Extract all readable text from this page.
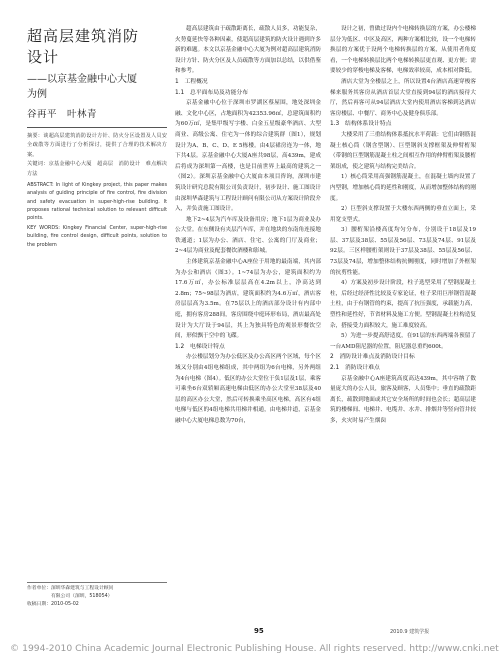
超高层建筑消防
设计
——以京基金融中心大厦
为例
谷再平　叶林青
摘要：谈超高层建筑消防设计方针、防火分区设置及人员安全疏散等方面进行了分析探讨，提供了合理的技术解决方案。
关键词：京基金融中心大厦　超高层　消防设计　难点解决方法
ABSTRACT: In light of Kingkey project, this paper makes analysis of guiding principle of fire control, fire division and safety evacuation in super-high-rise building. It proposes rational technical solution to relevant difficult points.
KEY WORDS: Kingkey Financial Center, super-high-rise building, fire control design, difficult points, solution to the problem
作者单位：深圳华森建筑与工程设计顾问
　　　　　有限公司（深圳，518054）
收稿日期：2010-05-02

超高层建筑由于疏散距离长，疏散人员多，功能复杂，火势蔓延快等各种因素，使超高层建筑的防火设计遇到许多新的难题。本文以京基金融中心大厦为例对超高层建筑消防设计方针、防火分区及人员疏散等方面加以总结，以供借鉴和参考。

1　工程概况

1.1　总平面布局及功能分布

京基金融中心位于深圳市罗湖区蔡屋围，地处深圳金融、文化中心区，占地面积为42353.96㎡，总建筑面积约为60万㎡，是集甲级写字楼、白金五星级豪华酒店、大型商业、高级公寓、住宅为一体的综合建筑群（图1），规划设计为A、B、C、D、E 5栋楼。由4层裙房连为一体，地下共4层。京基金融中心大厦A座共98层，高439m，建成后将成为深圳第一高楼，也是目前世界上最高的建筑之一（图2）。深圳京基金融中心大厦由本项目咨询，深圳市建筑设计研究总院有限公司负责设计，初步设计、施工图设计由深圳华森建筑与工程设计顾问有限公司从方案设计阶段介入，并负责施工图设计。

地下2~4层为汽车库及设备用房；地下1层为商业及办公大堂。在东侧设有夹层汽车库，并在地块的东南角连接地铁通道；1层为办公、酒店、住宅、公寓的门厅及商业；2~4层为商业及配套餐饮酒楼和影城。

主体建筑京基金融中心A座位于用地的最南端，其内部为办公和酒店（图3）。1~74层为办公，建筑面积约为17.6万㎡，办公标准层层高在4.2m以上，净高达到2.8m；75~98层为酒店，建筑面积约为4.6万㎡，酒店客房层层高为3.5m。在75层以上的酒店部分设计有内部中庭，拥有客房288间，客房围绕中庭环形布局，酒店最高处设计为大厅设于94层，其上为独具特色的观景形餐饮空间，形似飘于空中的飞碟。

1.2　电梯设计特点

办公楼层划分为办公低区及办公高区两个区域，每个区域又分别由4组电梯组成，其中两组为6台电梯，另外两组为4台电梯（图4）。低区的办公大堂位于负1层及1层，乘客可乘坐6台双轿厢高速电梯由低区的办公大堂至38层及40层的高区办公大堂，然后可转换乘坐高区电梯，高区有4组电梯与低区的4组电梯共用梯井相通，由电梯井道，京基金融中心大厦电梯总数为70台，

设计之初，曾做过设内个电梯转换层的方案，办公楼梯层分为低区、中区及高区，两种方案相比较，设一个电梯转换层的方案优于设两个电梯转换层的方案，从使用者角度看，一个电梯转换层比两个电梯转换层更直观、更方便；需要较少的穿梭电梯及客梯，电梯效率较高，成本相对降低。

酒店大堂为全楼层之上，所以设置4台酒店高速穿梭客梯来服务其客房从酒店首层大堂直接到94层的酒店接待大厅，然后再客可从94层酒店大堂内使用酒店客梯到达酒店客房楼层、中餐厅、商务中心及健身俱乐部。

1.3　结构体系设计特点

大楼采用了三重结构体系抵抗水平荷载：它们由钢筋混凝土核心筒（钢含型钢）、巨型钢斜支撑框架及伸臂桁架（带钢的巨型钢筋混凝土柱之间相互作用的伸臂桁架及腰桁架组成，使之建筑与结构完美结合。

1）核心筒采用高强钢筋混凝土，在混凝土墙内设置了内型钢，增加核心筒的延性和刚度，从而增加整体结构的刚度。

2）巨型斜支撑设置于大楼东西两侧的垂直立面上，采用宽支型式。

3）腰桁架沿楼高度均匀分布，分别设于18层及19层、37层及38层、55层及56层、73层及74层、91层及92层。三区样腰桁架则设于37层及38层、55层及56层、73层及74层，增加整体结构抗侧刚度，同时增加了外框架的抗剪性能。

4）方案及初步设计阶段，柱子选型采用了型钢混凝土柱，后经过经济性比较及专家论证，柱子采用巨形钢管混凝土柱，由于有钢管的约束，提高了抗压强度，承载能力高，塑性和延性好，节省材料及施工方便。型钢混凝土柱构造复杂，搭接受力面积较大，施工难度较高。

5）为进一步提高舒适度，在91层的东西两端各预留了一台AMD阻尼器的位置，阻尼器总重约600t。

2　消防设计难点及消防设计目标

2.1　消防设计难点

京基金融中心A座建筑高度高达439m，其中容纳了数量庞大的办公人员，旅客及顾客，人员集中；垂直的疏散距离长，疏散到地面或其它安全场所的时间也会长；超高层建筑的楼梯间、电梯井、电缆井、水井、排烟井等竖向管井较多，火灾时易产生烟囱

95	2010.9 建筑学报
© 1994-2010 China Academic Journal Electronic Publishing House. All rights reserved. http://www.cnki.net
